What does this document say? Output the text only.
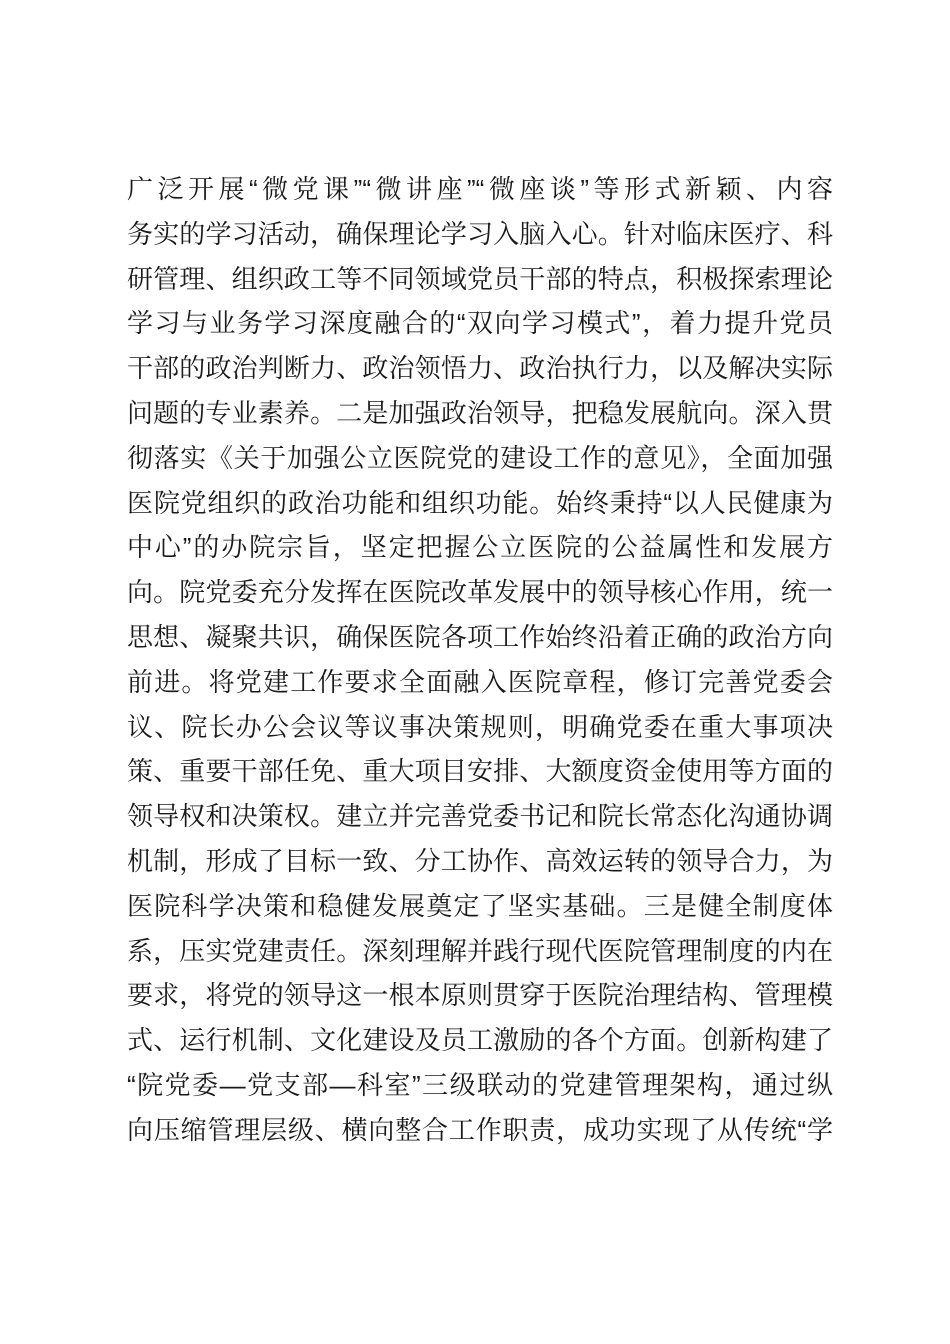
广泛开展“微党课”“微讲座”“微座谈”等形式新颖、内容
务实的学习活动，确保理论学习入脑入心。针对临床医疗、科
研管理、组织政工等不同领域党员干部的特点，积极探索理论
学习与业务学习深度融合的“双向学习模式”，着力提升党员
干部的政治判断力、政治领悟力、政治执行力，以及解决实际
问题的专业素养。二是加强政治领导，把稳发展航向。深入贯
彻落实《关于加强公立医院党的建设工作的意见》，全面加强
医院党组织的政治功能和组织功能。始终秉持“以人民健康为
中心”的办院宗旨，坚定把握公立医院的公益属性和发展方
向。院党委充分发挥在医院改革发展中的领导核心作用，统一
思想、凝聚共识，确保医院各项工作始终沿着正确的政治方向
前进。将党建工作要求全面融入医院章程，修订完善党委会
议、院长办公会议等议事决策规则，明确党委在重大事项决
策、重要干部任免、重大项目安排、大额度资金使用等方面的
领导权和决策权。建立并完善党委书记和院长常态化沟通协调
机制，形成了目标一致、分工协作、高效运转的领导合力，为
医院科学决策和稳健发展奠定了坚实基础。三是健全制度体
系，压实党建责任。深刻理解并践行现代医院管理制度的内在
要求，将党的领导这一根本原则贯穿于医院治理结构、管理模
式、运行机制、文化建设及员工激励的各个方面。创新构建了
“院党委—党支部—科室”三级联动的党建管理架构，通过纵
向压缩管理层级、横向整合工作职责，成功实现了从传统“学
